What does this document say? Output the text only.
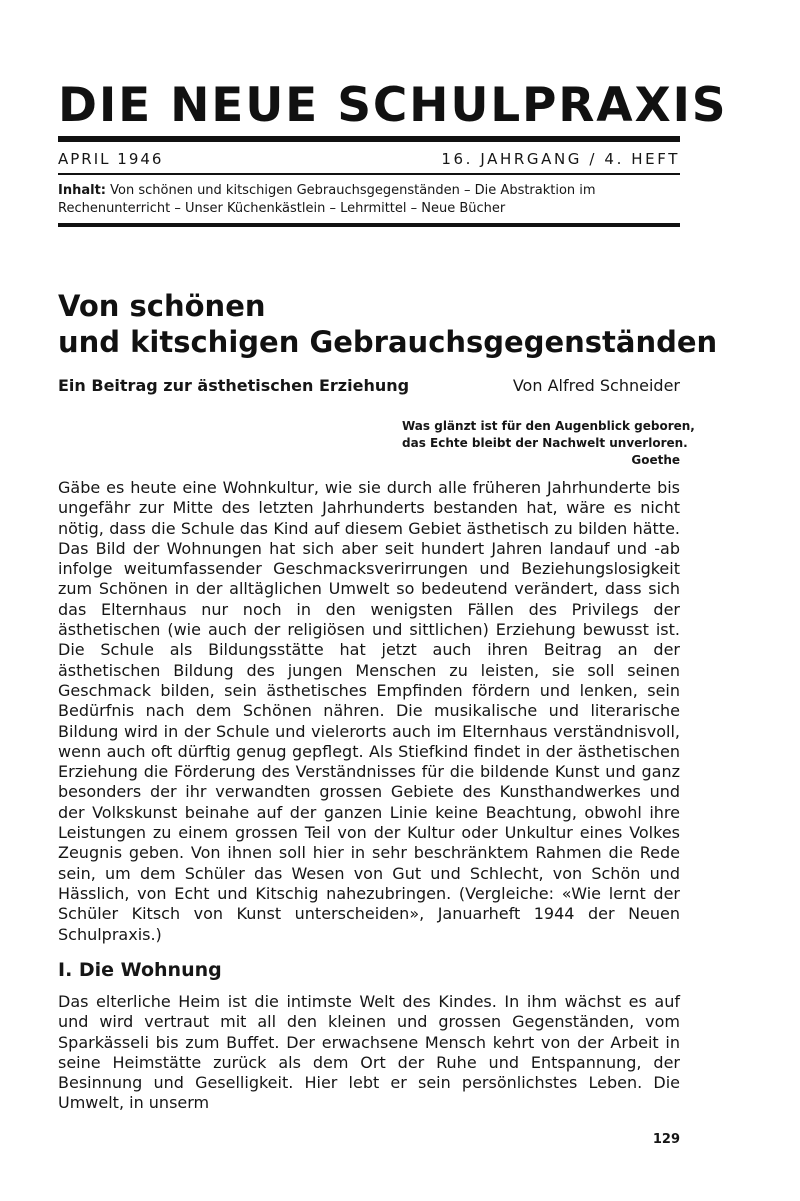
DIE NEUE SCHULPRAXIS
APRIL 1946	16. JAHRGANG / 4. HEFT
Inhalt: Von schönen und kitschigen Gebrauchsgegenständen – Die Abstraktion im Rechenunterricht – Unser Küchenkästlein – Lehrmittel – Neue Bücher
Von schönen
und kitschigen Gebrauchsgegenständen
Ein Beitrag zur ästhetischen Erziehung	Von Alfred Schneider
Was glänzt ist für den Augenblick geboren,
das Echte bleibt der Nachwelt unverloren.
Goethe

Gäbe es heute eine Wohnkultur, wie sie durch alle früheren Jahrhunderte bis ungefähr zur Mitte des letzten Jahrhunderts bestanden hat, wäre es nicht nötig, dass die Schule das Kind auf diesem Gebiet ästhetisch zu bilden hätte. Das Bild der Wohnungen hat sich aber seit hundert Jahren landauf und -ab infolge weitumfassender Geschmacksverirrungen und Beziehungslosigkeit zum Schönen in der alltäglichen Umwelt so bedeutend verändert, dass sich das Elternhaus nur noch in den wenigsten Fällen des Privilegs der ästhetischen (wie auch der religiösen und sittlichen) Erziehung bewusst ist. Die Schule als Bildungsstätte hat jetzt auch ihren Beitrag an der ästhetischen Bildung des jungen Menschen zu leisten, sie soll seinen Geschmack bilden, sein ästhetisches Empfinden fördern und lenken, sein Bedürfnis nach dem Schönen nähren. Die musikalische und literarische Bildung wird in der Schule und vielerorts auch im Elternhaus verständnisvoll, wenn auch oft dürftig genug gepflegt. Als Stiefkind findet in der ästhetischen Erziehung die Förderung des Verständnisses für die bildende Kunst und ganz besonders der ihr verwandten grossen Gebiete des Kunsthandwerkes und der Volkskunst beinahe auf der ganzen Linie keine Beachtung, obwohl ihre Leistungen zu einem grossen Teil von der Kultur oder Unkultur eines Volkes Zeugnis geben. Von ihnen soll hier in sehr beschränktem Rahmen die Rede sein, um dem Schüler das Wesen von Gut und Schlecht, von Schön und Hässlich, von Echt und Kitschig nahezubringen. (Vergleiche: «Wie lernt der Schüler Kitsch von Kunst unterscheiden», Januarheft 1944 der Neuen Schulpraxis.)

I. Die Wohnung

Das elterliche Heim ist die intimste Welt des Kindes. In ihm wächst es auf und wird vertraut mit all den kleinen und grossen Gegenständen, vom Sparkässeli bis zum Buffet. Der erwachsene Mensch kehrt von der Arbeit in seine Heimstätte zurück als dem Ort der Ruhe und Entspannung, der Besinnung und Geselligkeit. Hier lebt er sein persönlichstes Leben. Die Umwelt, in unserm

129
